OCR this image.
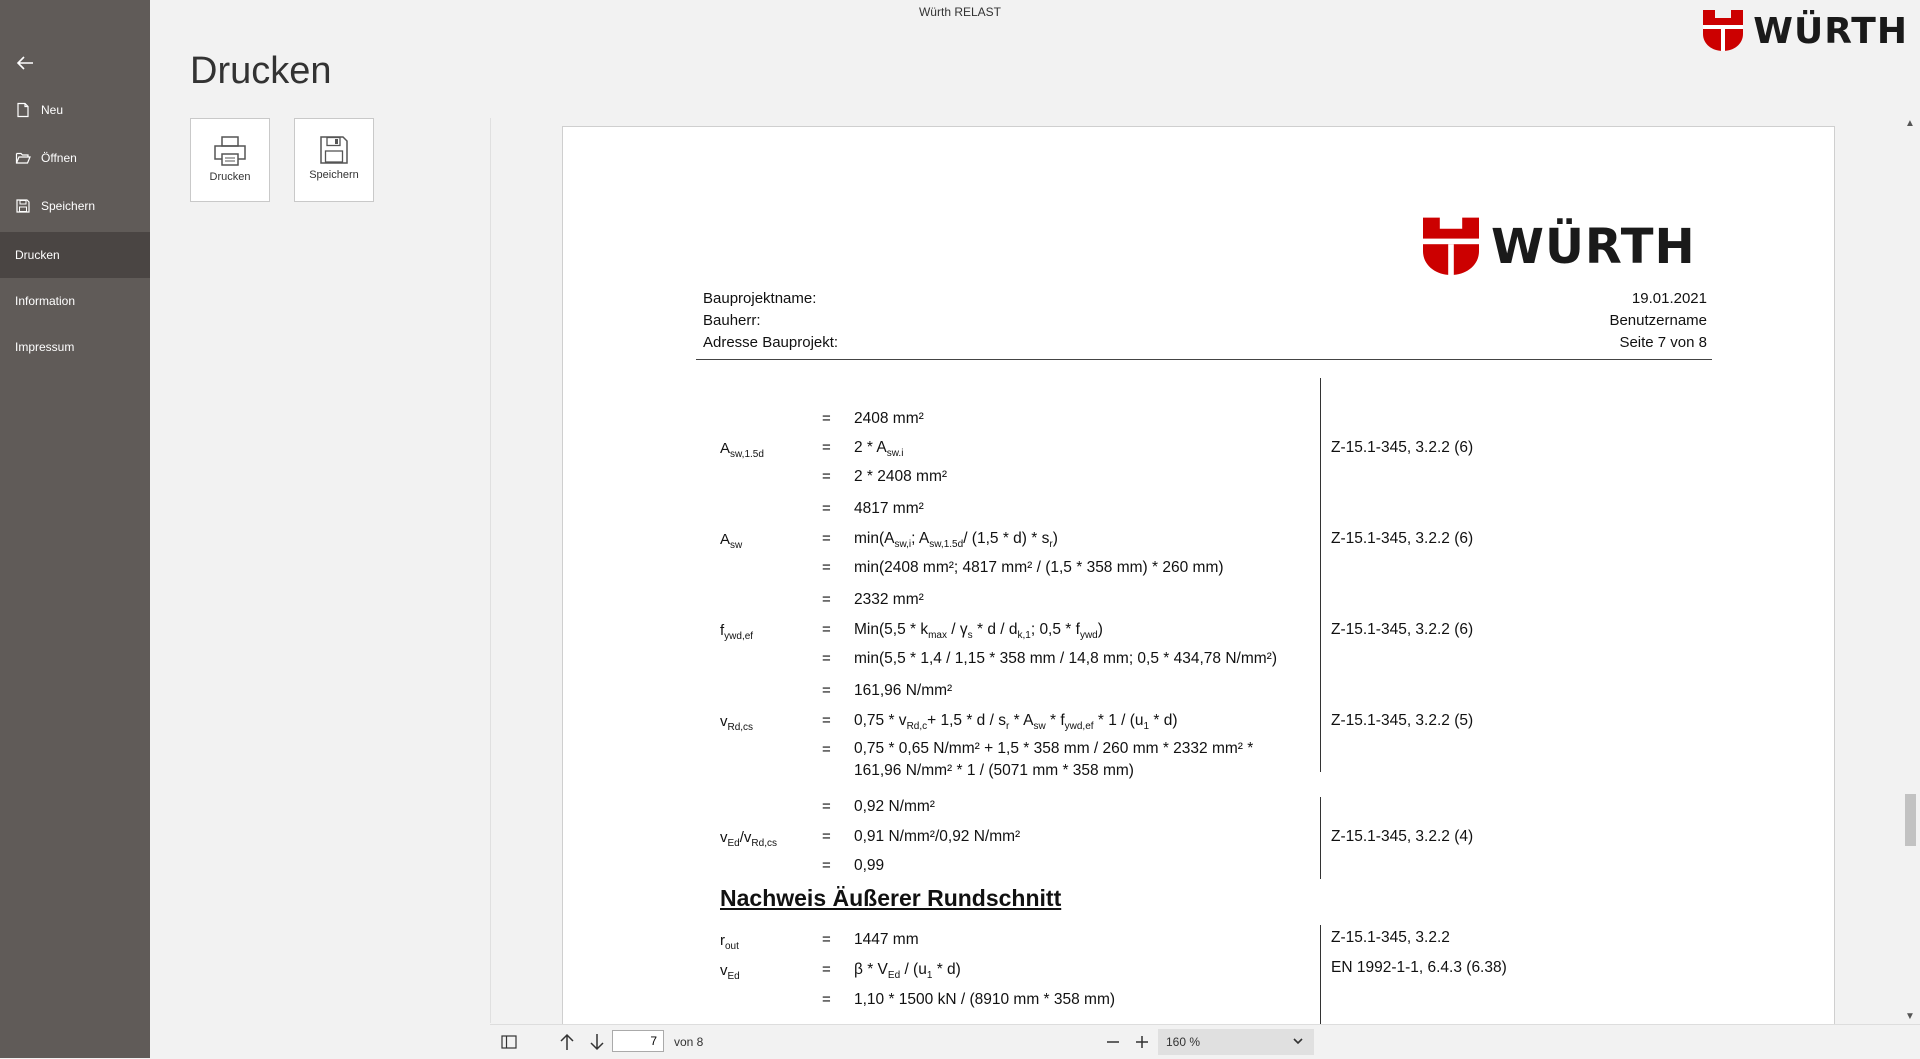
Neu
Öffnen
Speichern
Drucken
Information
Impressum
Würth RELAST	WÜRTH
Drucken
Drucken	Speichern
WÜRTH
Bauprojektname:
Bauherr:
Adresse Bauprojekt:
19.01.2021
Benutzername
Seite 7 von 8
= 2408 mm²
$A_{sw,1.5d}$	= $2 * A_{sw.i}$	Z-15.1-345, 3.2.2 (6)
= 2 * 2408 mm²
= 4817 mm²
$A_{sw}$	= $\min(A_{sw,i}$; $A_{sw,1.5d}/$ $(1,5 * d) * s_r$)	Z-15.1-345, 3.2.2 (6)
= min(2408 mm²; 4817 mm² / (1,5 * 358 mm) * 260 mm)
= 2332 mm²
$f_{ywd,ef}$	= $Min(5,5 * k_{max} / \gamma_s$ * d / $d_{k,1}$; $0,5 * f_{ywd}$)	Z-15.1-345, 3.2.2 (6)
= min(5,5 * 1,4 / 1,15 * 358 mm / 14,8 mm; 0,5 * 434,78 N/mm²)
= 161,96 N/mm²
$v_{Rd,cs}$	= $0,75 * v_{Rd,c}+ 1,5 * d / s_r * A_{sw} * f_{ywd,ef} * 1 / (u_1 * d)$	Z-15.1-345, 3.2.2 (5)
= 0,75 * 0,65 N/mm² + 1,5 * 358 mm / 260 mm * 2332 mm² *
161,96 N/mm² * 1 / (5071 mm * 358 mm)
= 0,92 N/mm²
$v_{Ed}/v_{Rd,cs}$	= 0,91 N/mm²/0,92 N/mm²	Z-15.1-345, 3.2.2 (4)
= 0,99
Nachweis Äußerer Rundschnitt
$r_{out}$	= 1447 mm	Z-15.1-345, 3.2.2
$v_{Ed}$	= β * $V_{Ed} / (u_1 * d)$	EN 1992-1-1, 6.4.3 (6.38)
= 1,10 * 1500 kN / (8910 mm * 358 mm)
▲
▼
7
von 8	160 %
